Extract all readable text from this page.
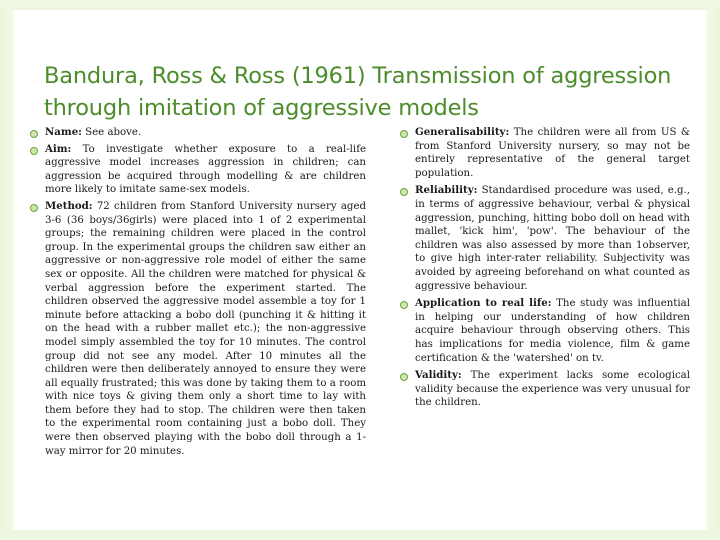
Bandura, Ross & Ross (1961) Transmission of aggression through imitation of aggressive models
Name: See above.
Aim: To investigate whether exposure to a real-life aggressive model increases aggression in children; can aggression be acquired through modelling & are children more likely to imitate same-sex models.
Method: 72 children from Stanford University nursery aged 3-6 (36 boys/36girls) were placed into 1 of 2 experimental groups; the remaining children were placed in the control group. In the experimental groups the children saw either an aggressive or non-aggressive role model of either the same sex or opposite. All the children were matched for physical & verbal aggression before the experiment started. The children observed the aggressive model assemble a toy for 1 minute before attacking a bobo doll (punching it & hitting it on the head with a rubber mallet etc.); the non-aggressive model simply assembled the toy for 10 minutes. The control group did not see any model. After 10 minutes all the children were then deliberately annoyed to ensure they were all equally frustrated; this was done by taking them to a room with nice toys & giving them only a short time to lay with them before they had to stop. The children were then taken to the experimental room containing just a bobo doll. They were then observed playing with the bobo doll through a 1-way mirror for 20 minutes.
Generalisability: The children were all from US & from Stanford University nursery, so may not be entirely representative of the general target population.
Reliability: Standardised procedure was used, e.g., in terms of aggressive behaviour, verbal & physical aggression, punching, hitting bobo doll on head with mallet, 'kick him', 'pow'. The behaviour of the children was also assessed by more than 1observer, to give high inter-rater reliability. Subjectivity was avoided by agreeing beforehand on what counted as aggressive behaviour.
Application to real life: The study was influential in helping our understanding of how children acquire behaviour through observing others. This has implications for media violence, film & game certification & the 'watershed' on tv.
Validity: The experiment lacks some ecological validity because the experience was very unusual for the children.
